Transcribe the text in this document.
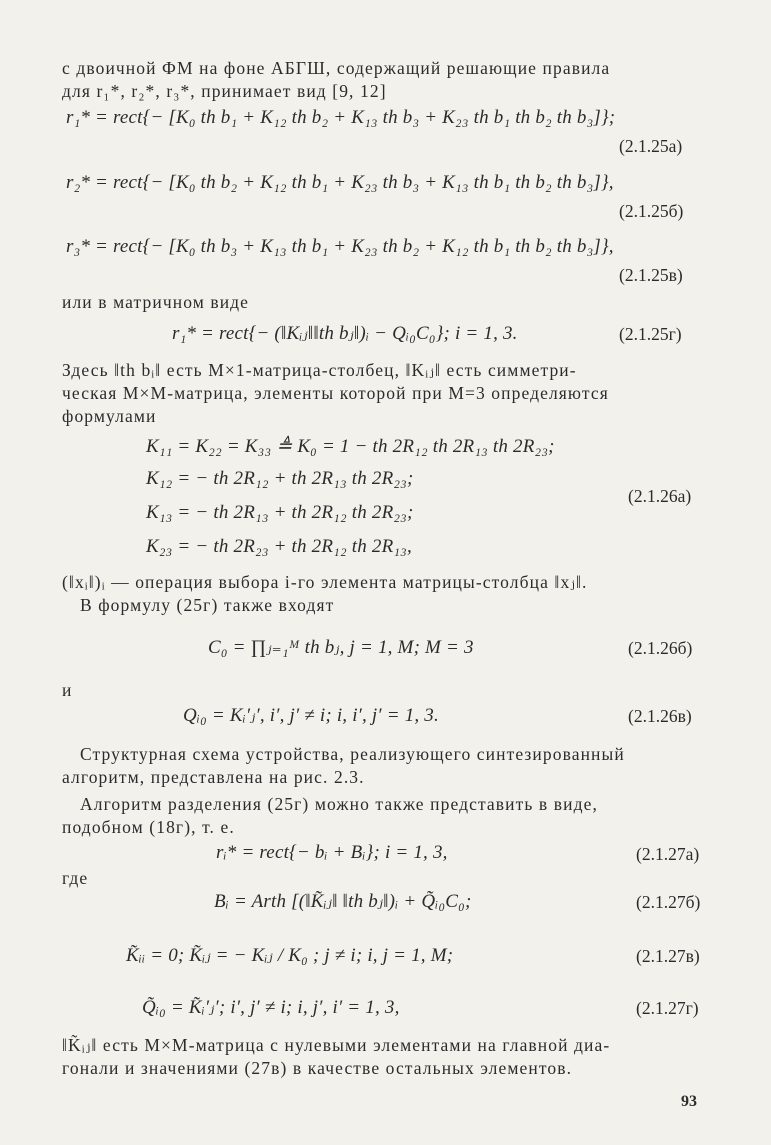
с двоичной ФМ на фоне АБГШ, содержащий решающие правила
для r₁*, r₂*, r₃*, принимает вид [9, 12]
r₁* = rect{− [K₀ th b₁ + K₁₂ th b₂ + K₁₃ th b₃ + K₂₃ th b₁ th b₂ th b₃]};
(2.1.25а)
r₂* = rect{− [K₀ th b₂ + K₁₂ th b₁ + K₂₃ th b₃ + K₁₃ th b₁ th b₂ th b₃]},
(2.1.25б)
r₃* = rect{− [K₀ th b₃ + K₁₃ th b₁ + K₂₃ th b₂ + K₁₂ th b₁ th b₂ th b₃]},
(2.1.25в)
или в матричном виде
r₁* = rect{− (‖Kᵢⱼ‖‖th bⱼ‖)ᵢ − Qᵢ₀C₀}; i = 1, 3.	(2.1.25г)
Здесь ‖th bᵢ‖ есть M×1-матрица-столбец, ‖Kᵢⱼ‖ есть симметри-
ческая M×M-матрица, элементы которой при M=3 определяются
формулами
K₁₁ = K₂₂ = K₃₃ ≜ K₀ = 1 − th 2R₁₂ th 2R₁₃ th 2R₂₃;
K₁₂ = − th 2R₁₂ + th 2R₁₃ th 2R₂₃;
K₁₃ = − th 2R₁₃ + th 2R₁₂ th 2R₂₃;
K₂₃ = − th 2R₂₃ + th 2R₁₂ th 2R₁₃,
(2.1.26а)
(‖xᵢ‖)ᵢ — операция выбора i-го элемента матрицы-столбца ‖xⱼ‖.
В формулу (25г) также входят
C₀ = ∏ⱼ₌₁ᴹ th bⱼ, j = 1, M; M = 3	(2.1.26б)
и
Qᵢ₀ = Kᵢ′ⱼ′, i′, j′ ≠ i; i, i′, j′ = 1, 3.	(2.1.26в)
Структурная схема устройства, реализующего синтезированный
алгоритм, представлена на рис. 2.3.
Алгоритм разделения (25г) можно также представить в виде,
подобном (18г), т. е.
rᵢ* = rect{− bᵢ + Bᵢ}; i = 1, 3,	(2.1.27а)
где
Bᵢ = Arth [(‖K̃ᵢⱼ‖ ‖th bⱼ‖)ᵢ + Q̃ᵢ₀C₀;	(2.1.27б)
K̃ᵢᵢ = 0; K̃ᵢⱼ = − Kᵢⱼ / K₀ ; j ≠ i; i, j = 1, M;	(2.1.27в)
Q̃ᵢ₀ = K̃ᵢ′ⱼ′; i′, j′ ≠ i; i, j′, i′ = 1, 3,	(2.1.27г)
‖K̃ᵢⱼ‖ есть M×M-матрица с нулевыми элементами на главной диа-
гонали и значениями (27в) в качестве остальных элементов.
93
